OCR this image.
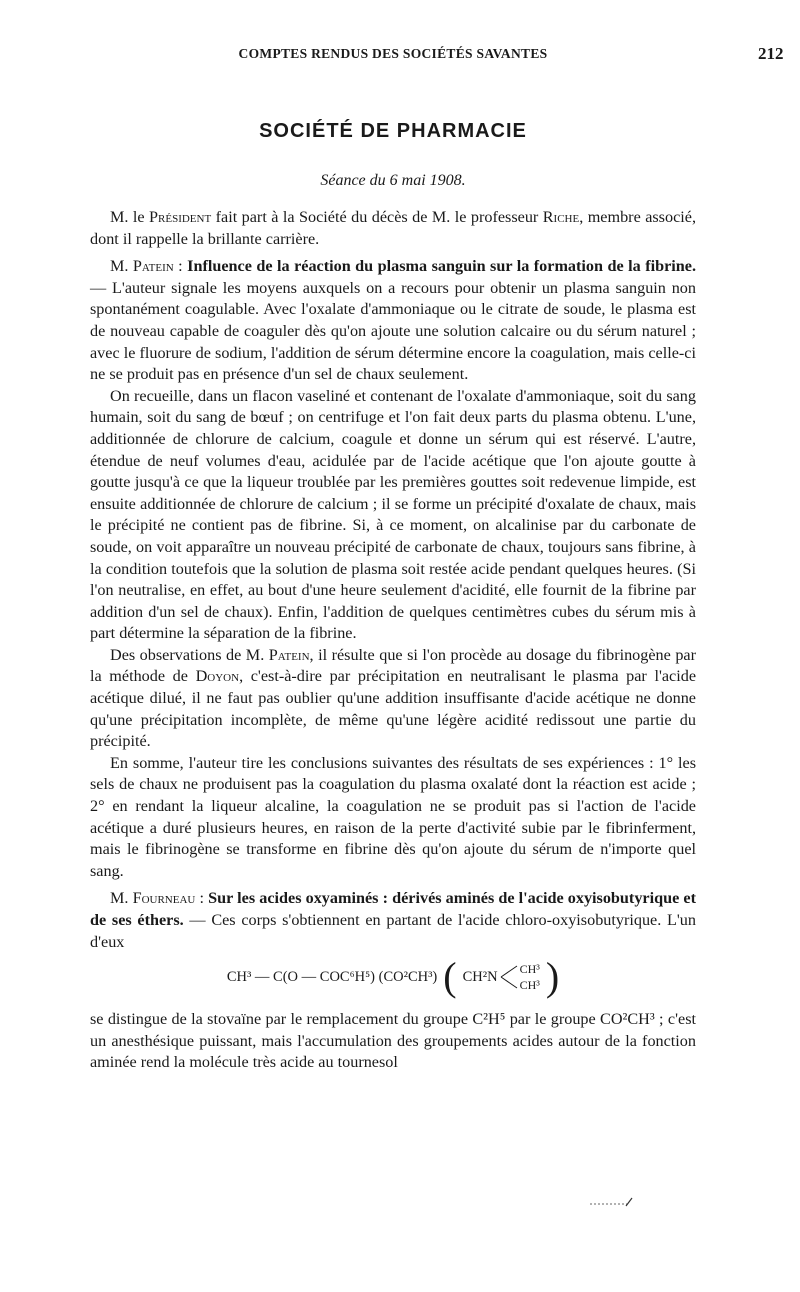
COMPTES RENDUS DES SOCIÉTÉS SAVANTES	212
SOCIÉTÉ DE PHARMACIE
Séance du 6 mai 1908.

M. le Président fait part à la Société du décès de M. le professeur Riche, membre associé, dont il rappelle la brillante carrière.

M. Patein : Influence de la réaction du plasma sanguin sur la formation de la fibrine. — L'auteur signale les moyens auxquels on a recours pour obtenir un plasma sanguin non spontanément coagulable. Avec l'oxalate d'ammoniaque ou le citrate de soude, le plasma est de nouveau capable de coaguler dès qu'on ajoute une solution calcaire ou du sérum naturel ; avec le fluorure de sodium, l'addition de sérum détermine encore la coagulation, mais celle-ci ne se produit pas en présence d'un sel de chaux seulement.

On recueille, dans un flacon vaseliné et contenant de l'oxalate d'ammoniaque, soit du sang humain, soit du sang de bœuf ; on centrifuge et l'on fait deux parts du plasma obtenu. L'une, additionnée de chlorure de calcium, coagule et donne un sérum qui est réservé. L'autre, étendue de neuf volumes d'eau, acidulée par de l'acide acétique que l'on ajoute goutte à goutte jusqu'à ce que la liqueur troublée par les premières gouttes soit redevenue limpide, est ensuite additionnée de chlorure de calcium ; il se forme un précipité d'oxalate de chaux, mais le précipité ne contient pas de fibrine. Si, à ce moment, on alcalinise par du carbonate de soude, on voit apparaître un nouveau précipité de carbonate de chaux, toujours sans fibrine, à la condition toutefois que la solution de plasma soit restée acide pendant quelques heures. (Si l'on neutralise, en effet, au bout d'une heure seulement d'acidité, elle fournit de la fibrine par addition d'un sel de chaux). Enfin, l'addition de quelques centimètres cubes du sérum mis à part détermine la séparation de la fibrine.

Des observations de M. Patein, il résulte que si l'on procède au dosage du fibrinogène par la méthode de Doyon, c'est-à-dire par précipitation en neutralisant le plasma par l'acide acétique dilué, il ne faut pas oublier qu'une addition insuffisante d'acide acétique ne donne qu'une précipitation incomplète, de même qu'une légère acidité redissout une partie du précipité.

En somme, l'auteur tire les conclusions suivantes des résultats de ses expériences : 1° les sels de chaux ne produisent pas la coagulation du plasma oxalaté dont la réaction est acide ; 2° en rendant la liqueur alcaline, la coagulation ne se produit pas si l'action de l'acide acétique a duré plusieurs heures, en raison de la perte d'activité subie par le fibrinferment, mais le fibrinogène se transforme en fibrine dès qu'on ajoute du sérum de n'importe quel sang.

M. Fourneau : Sur les acides oxyaminés : dérivés aminés de l'acide oxyisobutyrique et de ses éthers. — Ces corps s'obtiennent en partant de l'acide chloro-oxyisobutyrique. L'un d'eux

CH³ — C(O — COC⁶H⁵) (CO²CH³) ( CH²N CH³
CH³ )

se distingue de la stovaïne par le remplacement du groupe C²H⁵ par le groupe CO²CH³ ; c'est un anesthésique puissant, mais l'accumulation des groupements acides autour de la fonction aminée rend la molécule très acide au tournesol
